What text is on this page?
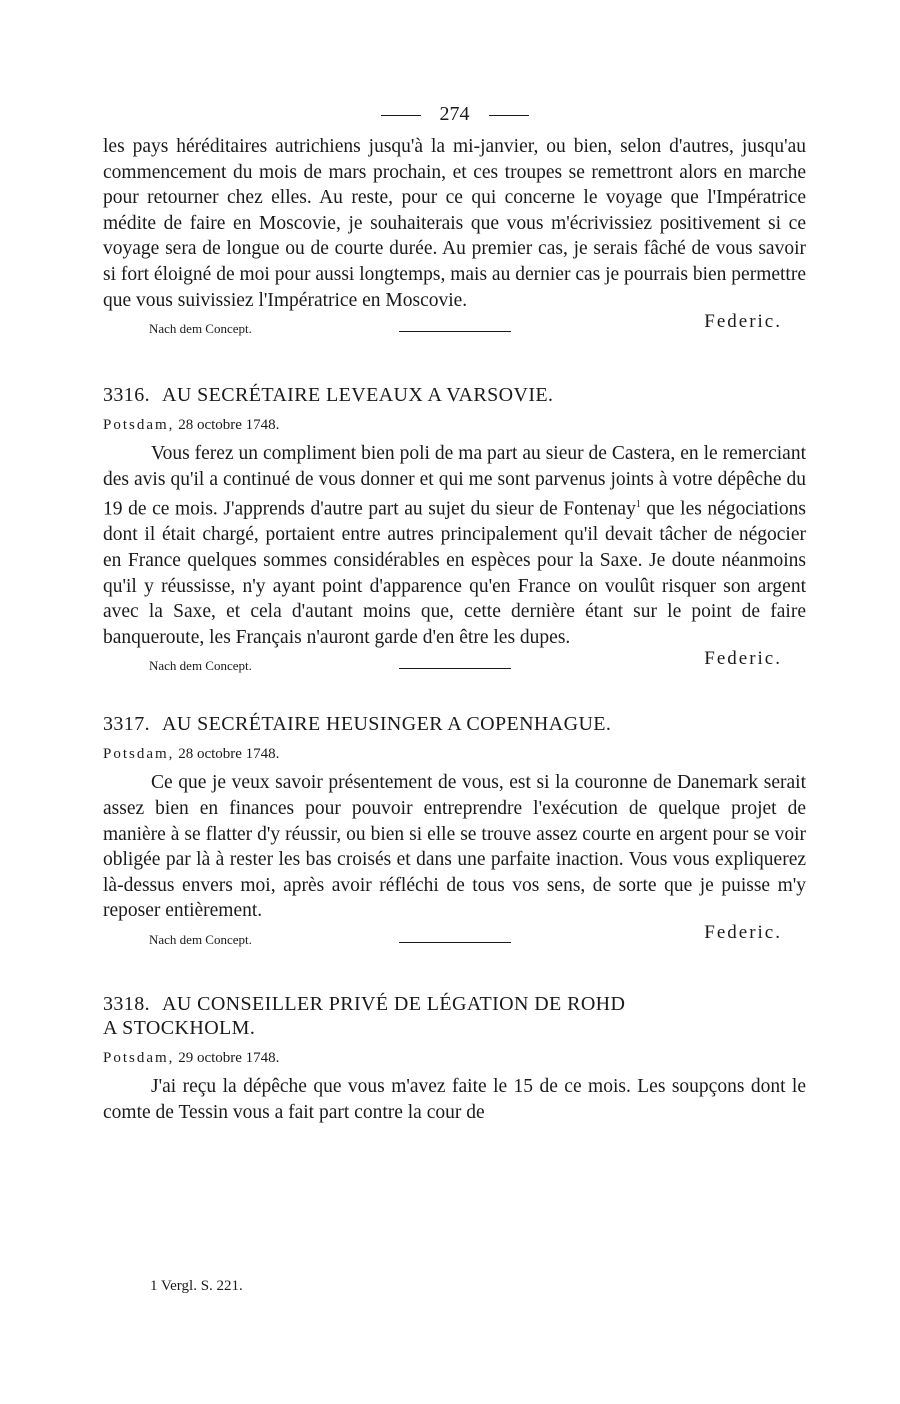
274

les pays héréditaires autrichiens jusqu'à la mi-janvier, ou bien, selon d'autres, jusqu'au commencement du mois de mars prochain, et ces troupes se remettront alors en marche pour retourner chez elles. Au reste, pour ce qui concerne le voyage que l'Impératrice médite de faire en Moscovie, je souhaiterais que vous m'écrivissiez positivement si ce voyage sera de longue ou de courte durée. Au premier cas, je serais fâché de vous savoir si fort éloigné de moi pour aussi longtemps, mais au dernier cas je pourrais bien permettre que vous suivissiez l'Impératrice en Moscovie.

Nach dem Concept.	Federic.

3316. AU SECRÉTAIRE LEVEAUX A VARSOVIE.

Potsdam, 28 octobre 1748.

Vous ferez un compliment bien poli de ma part au sieur de Castera, en le remerciant des avis qu'il a continué de vous donner et qui me sont parvenus joints à votre dépêche du 19 de ce mois. J'apprends d'autre part au sujet du sieur de Fontenay$^1$ que les négociations dont il était chargé, portaient entre autres principalement qu'il devait tâcher de négocier en France quelques sommes considérables en espèces pour la Saxe. Je doute néanmoins qu'il y réussisse, n'y ayant point d'apparence qu'en France on voulût risquer son argent avec la Saxe, et cela d'autant moins que, cette dernière étant sur le point de faire banqueroute, les Français n'auront garde d'en être les dupes.

Nach dem Concept.	Federic.

3317. AU SECRÉTAIRE HEUSINGER A COPENHAGUE.

Potsdam, 28 octobre 1748.

Ce que je veux savoir présentement de vous, est si la couronne de Danemark serait assez bien en finances pour pouvoir entreprendre l'exécution de quelque projet de manière à se flatter d'y réussir, ou bien si elle se trouve assez courte en argent pour se voir obligée par là à rester les bas croisés et dans une parfaite inaction. Vous vous expliquerez là-dessus envers moi, après avoir réfléchi de tous vos sens, de sorte que je puisse m'y reposer entièrement.

Nach dem Concept.	Federic.

3318. AU CONSEILLER PRIVÉ DE LÉGATION DE ROHD

A STOCKHOLM.

Potsdam, 29 octobre 1748.

J'ai reçu la dépêche que vous m'avez faite le 15 de ce mois. Les soupçons dont le comte de Tessin vous a fait part contre la cour de

1 Vergl. S. 221.
